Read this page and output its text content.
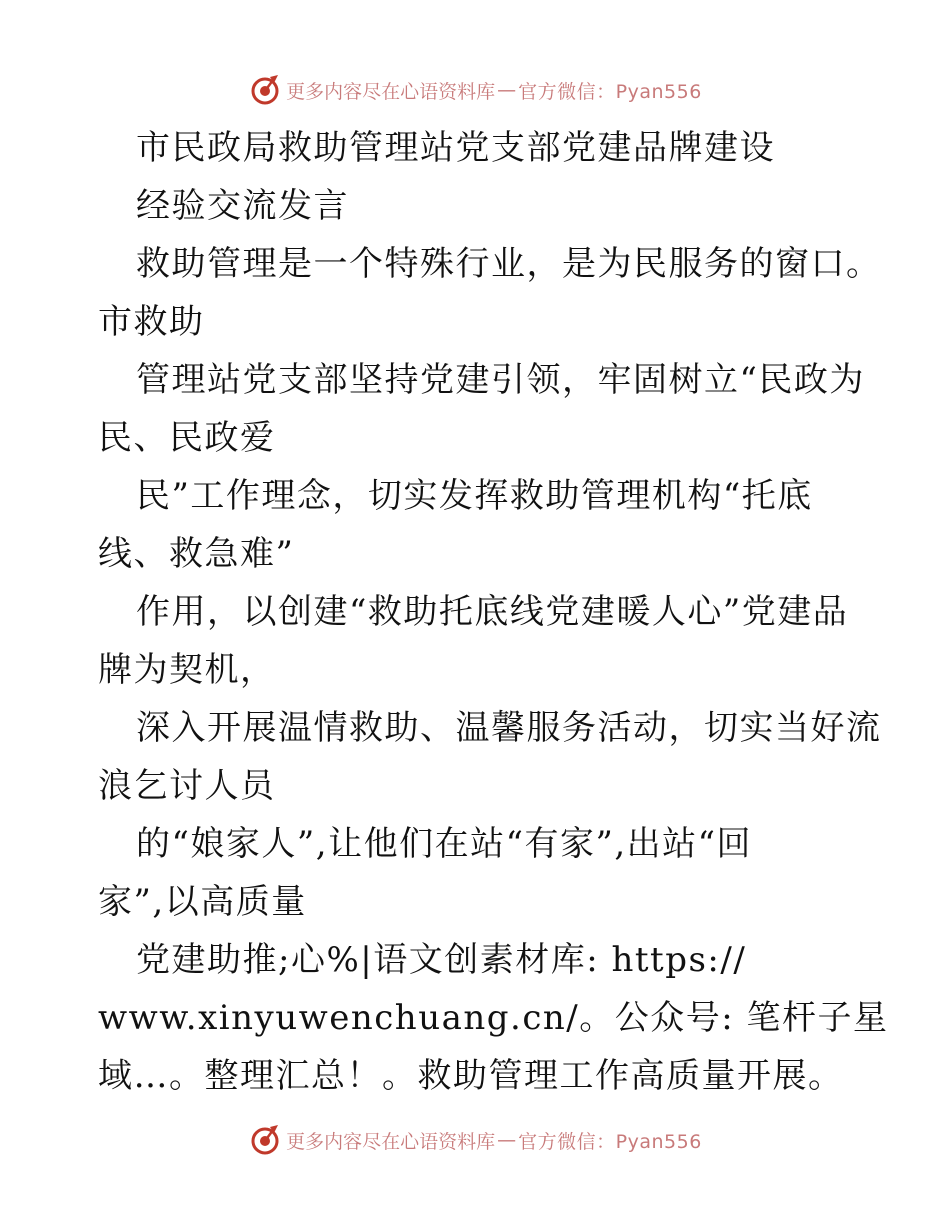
更多内容尽在心语资料库 — 官方微信：Pyan556
市民政局救助管理站党支部党建品牌建设
经验交流发言
救助管理是一个特殊行业，是为民服务的窗口。
市救助
管理站党支部坚持党建引领，牢固树立“民政为
民、民政爱
民”工作理念，切实发挥救助管理机构“托底
线、救急难”
作用，以创建“救助托底线党建暖人心”党建品
牌为契机，
深入开展温情救助、温馨服务活动，切实当好流
浪乞讨人员
的“娘家人”,让他们在站“有家”,出站“回
家”,以高质量
党建助推;心%|语文创素材库: https://
www.xinyuwenchuang.cn/。公众号: 笔杆子星
域…。整理汇总！。救助管理工作高质量开展。
更多内容尽在心语资料库 — 官方微信：Pyan556
